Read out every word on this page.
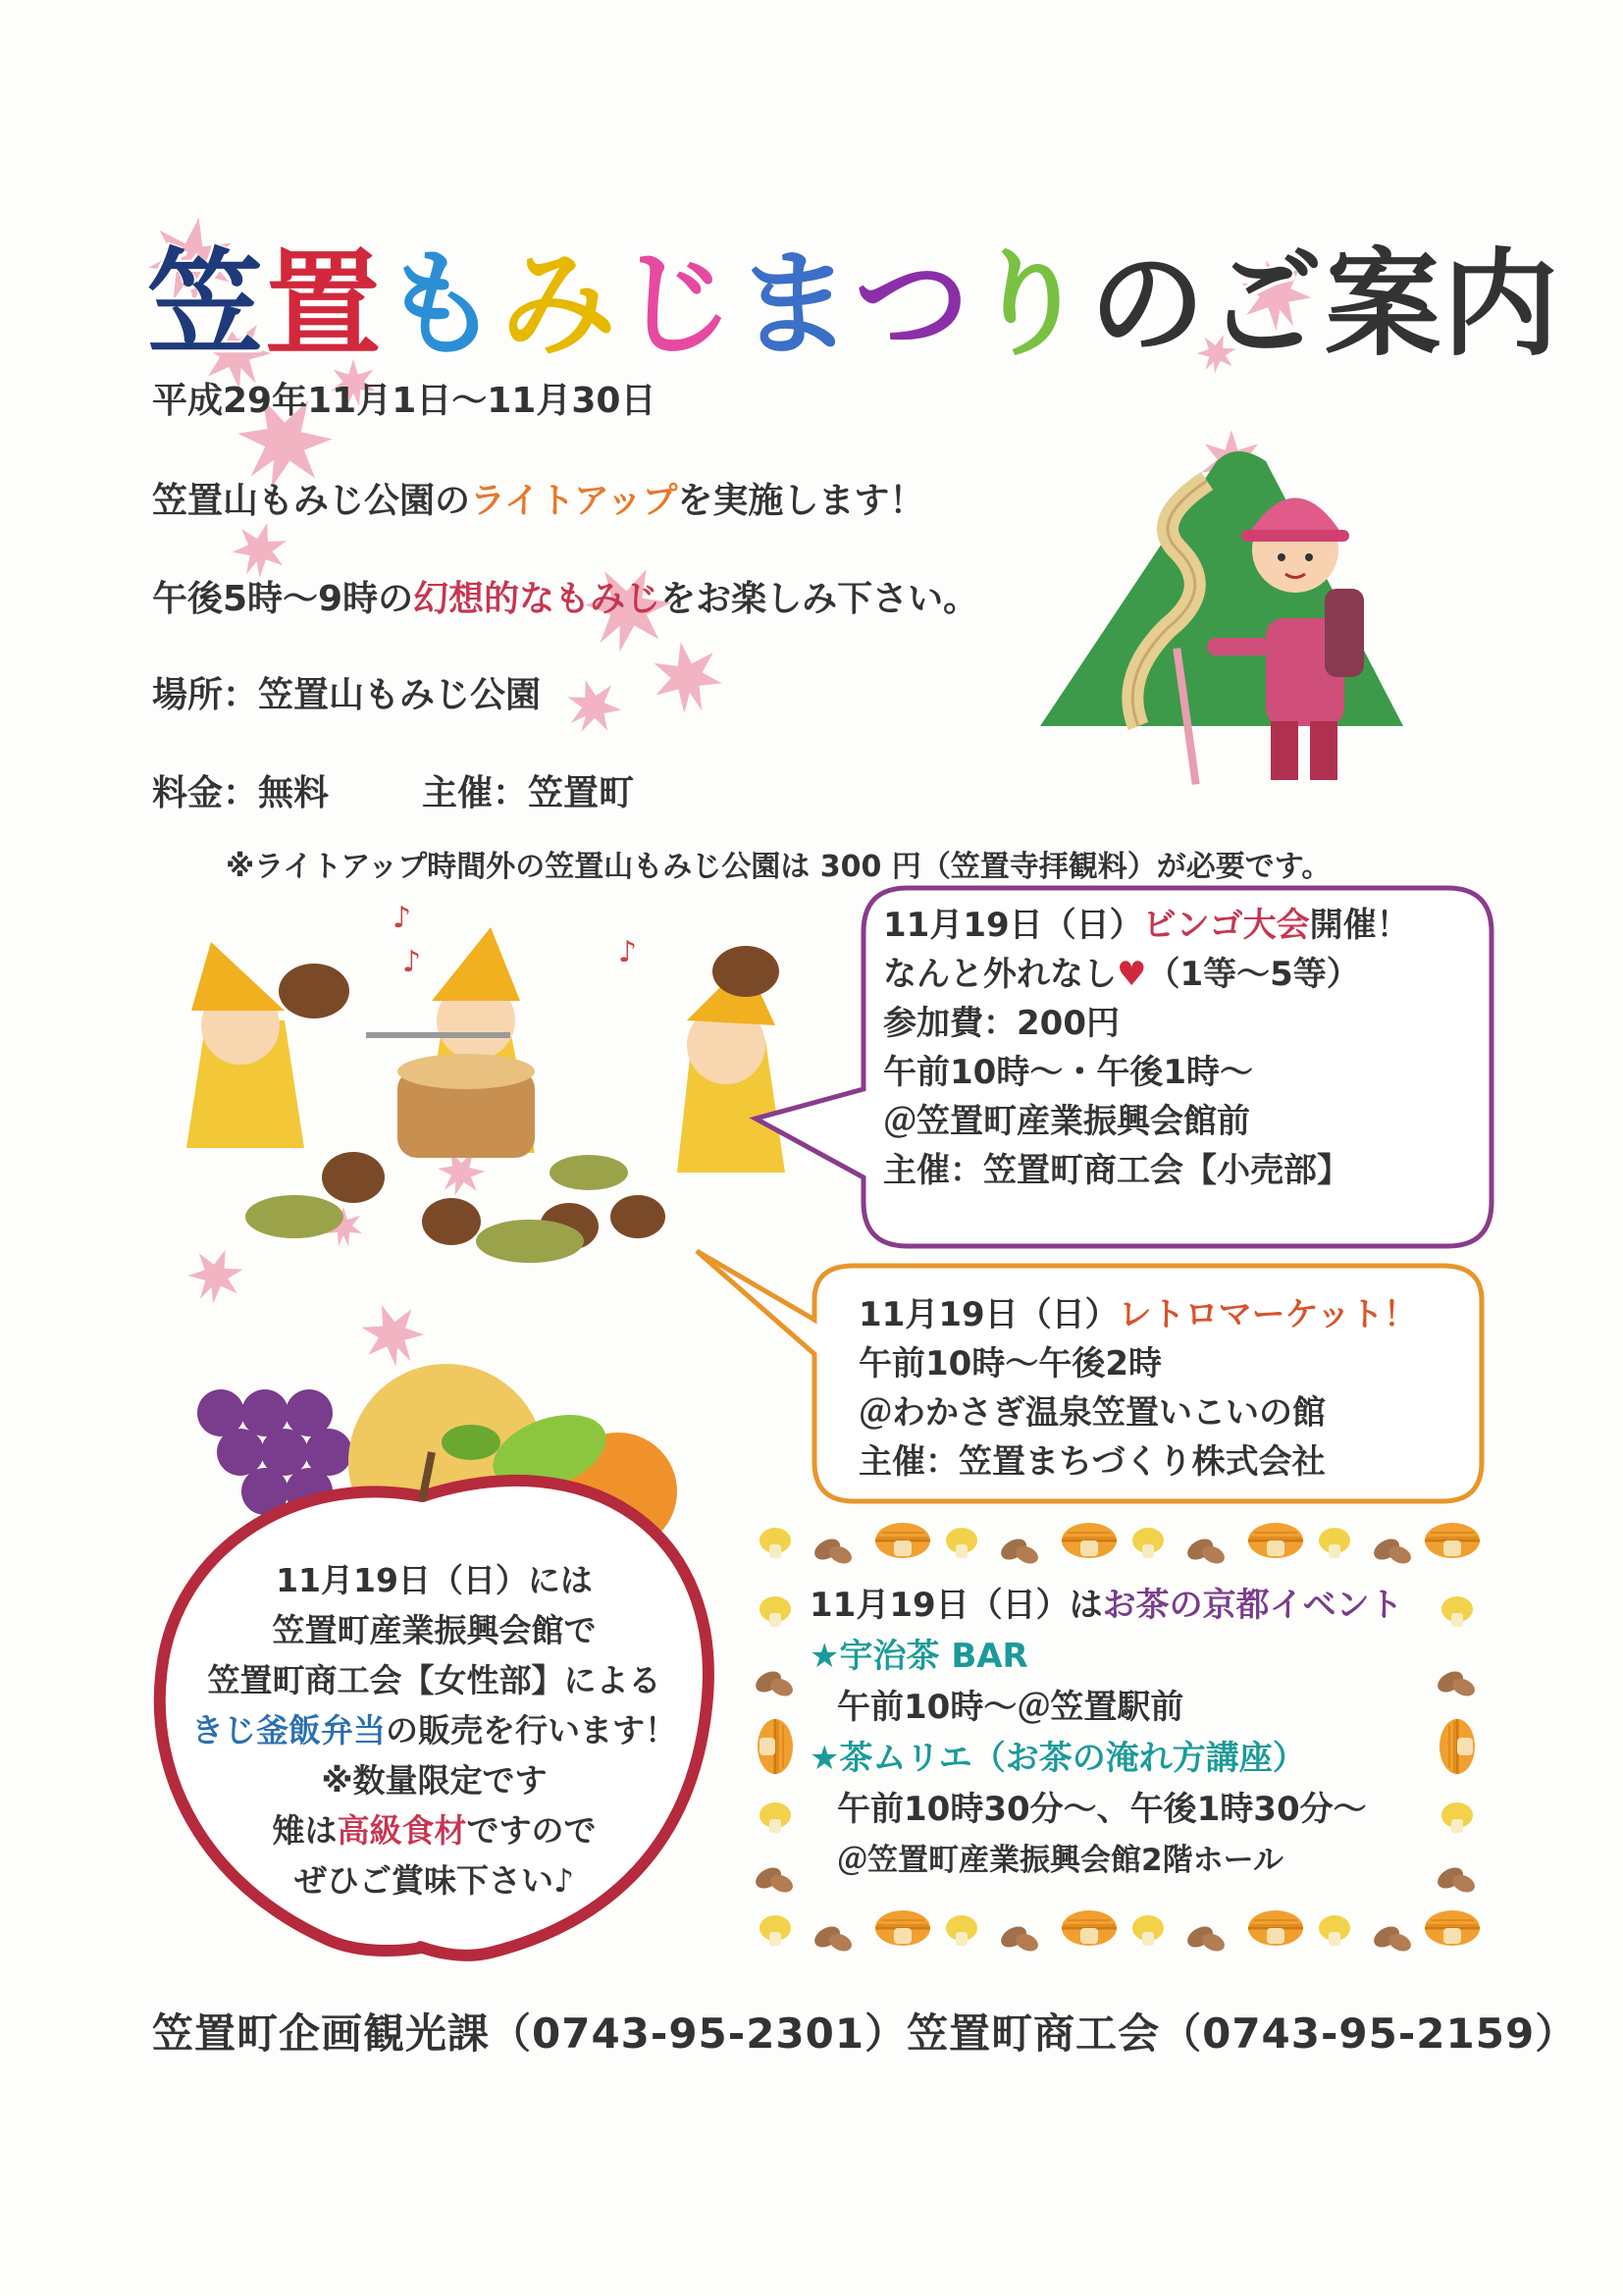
♪
♪	♪
笠置もみじまつりのご案内
平成29年11月1日～11月30日
笠置山もみじ公園のライトアップを実施します！
午後5時～9時の幻想的なもみじをお楽しみ下さい。
場所：笠置山もみじ公園
料金：無料	主催：笠置町
※ライトアップ時間外の笠置山もみじ公園は 300 円（笠置寺拝観料）が必要です。
11月19日（日）ビンゴ大会開催！
なんと外れなし♥（1等～5等）
参加費：200円
午前10時～・午後1時～
＠笠置町産業振興会館前
主催：笠置町商工会【小売部】
11月19日（日）レトロマーケット！
午前10時～午後2時
＠わかさぎ温泉笠置いこいの館
主催：笠置まちづくり株式会社
11月19日（日）には
笠置町産業振興会館で
笠置町商工会【女性部】による
きじ釜飯弁当の販売を行います！
※数量限定です
雉は高級食材ですので
ぜひご賞味下さい♪
11月19日（日）はお茶の京都イベント
★宇治茶 BAR
午前10時～＠笠置駅前
★茶ムリエ（お茶の淹れ方講座）
午前10時30分～、午後1時30分～
＠笠置町産業振興会館2階ホール
笠置町企画観光課（0743-95-2301）笠置町商工会（0743-95-2159）
